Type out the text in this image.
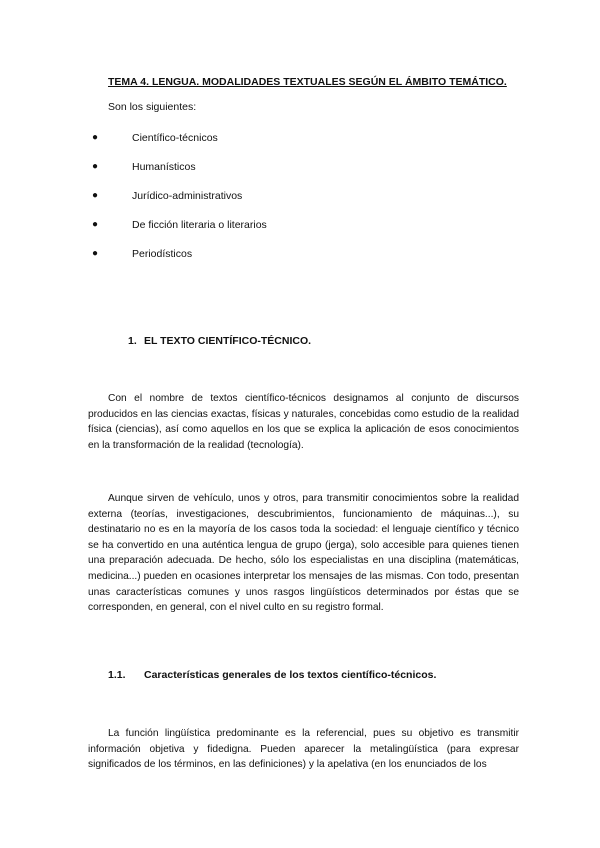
TEMA 4. LENGUA. MODALIDADES TEXTUALES SEGÚN EL ÁMBITO TEMÁTICO.
Son los siguientes:
●	Científico-técnicos
●	Humanísticos
●	Jurídico-administrativos
●	De ficción literaria o literarios
●	Periodísticos
1. EL TEXTO CIENTÍFICO-TÉCNICO.

Con el nombre de textos científico-técnicos designamos al conjunto de discursos producidos en las ciencias exactas, físicas y naturales, concebidas como estudio de la realidad física (ciencias), así como aquellos en los que se explica la aplicación de esos conocimientos en la transformación de la realidad (tecnología).

Aunque sirven de vehículo, unos y otros, para transmitir conocimientos sobre la realidad externa (teorías, investigaciones, descubrimientos, funcionamiento de máquinas...), su destinatario no es en la mayoría de los casos toda la sociedad: el lenguaje científico y técnico se ha convertido en una auténtica lengua de grupo (jerga), solo accesible para quienes tienen una preparación adecuada. De hecho, sólo los especialistas en una disciplina (matemáticas, medicina...) pueden en ocasiones interpretar los mensajes de las mismas. Con todo, presentan unas características comunes y unos rasgos lingüísticos determinados por éstas que se corresponden, en general, con el nivel culto en su registro formal.

1.1. Características generales de los textos científico-técnicos.

La función lingüística predominante es la referencial, pues su objetivo es transmitir información objetiva y fidedigna. Pueden aparecer la metalingüística (para expresar significados de los términos, en las definiciones) y la apelativa (en los enunciados de los
